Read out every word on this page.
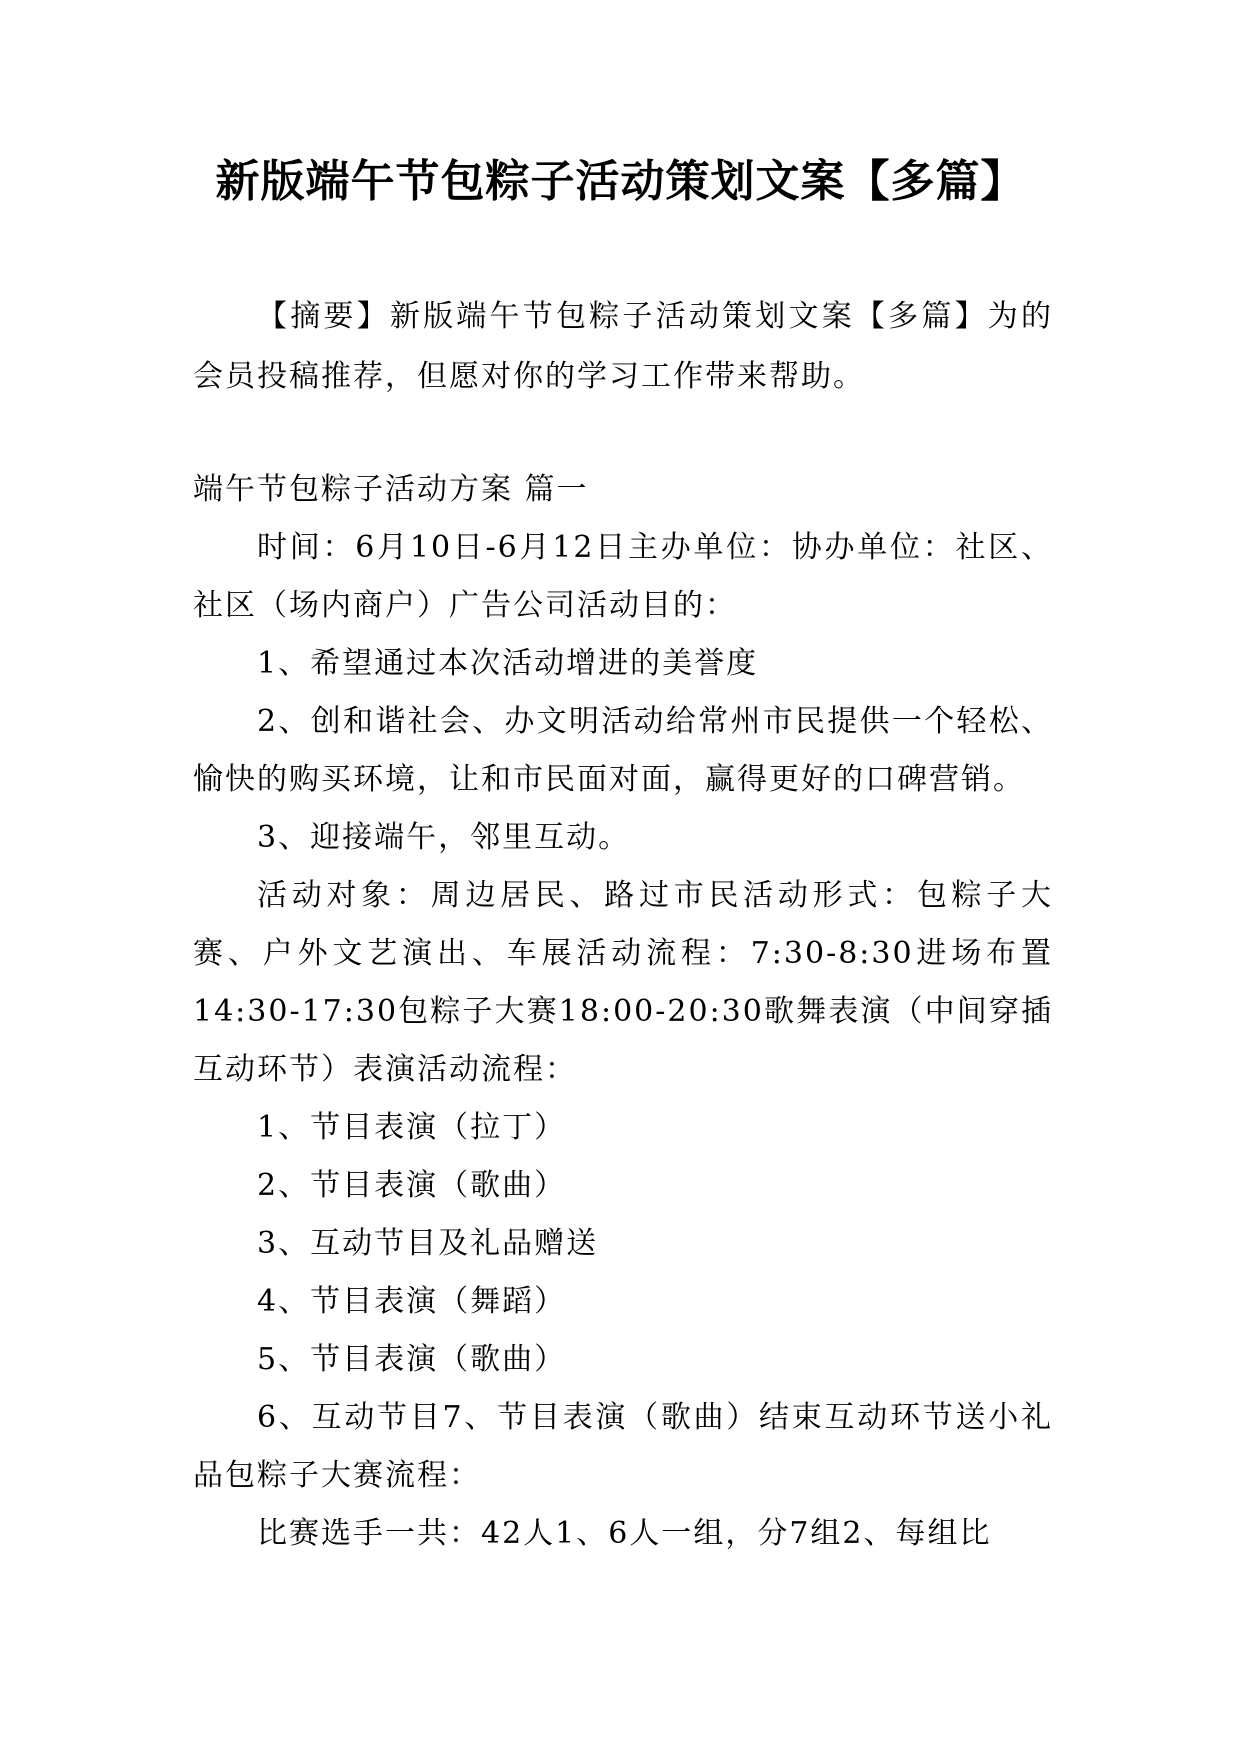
新版端午节包粽子活动策划文案【多篇】

【摘要】新版端午节包粽子活动策划文案【多篇】为的会员投稿推荐，但愿对你的学习工作带来帮助。

端午节包粽子活动方案 篇一

时间：6月10日-6月12日主办单位：协办单位：社区、社区（场内商户）广告公司活动目的：

1、希望通过本次活动增进的美誉度

2、创和谐社会、办文明活动给常州市民提供一个轻松、愉快的购买环境，让和市民面对面，赢得更好的口碑营销。

3、迎接端午，邻里互动。

活动对象：周边居民、路过市民活动形式：包粽子大赛、户外文艺演出、车展活动流程：7:30-8:30进场布置14:30-17:30包粽子大赛18:00-20:30歌舞表演（中间穿插互动环节）表演活动流程：

1、节目表演（拉丁）

2、节目表演（歌曲）

3、互动节目及礼品赠送

4、节目表演（舞蹈）

5、节目表演（歌曲）

6、互动节目7、节目表演（歌曲）结束互动环节送小礼品包粽子大赛流程：

比赛选手一共：42人1、6人一组，分7组2、每组比
